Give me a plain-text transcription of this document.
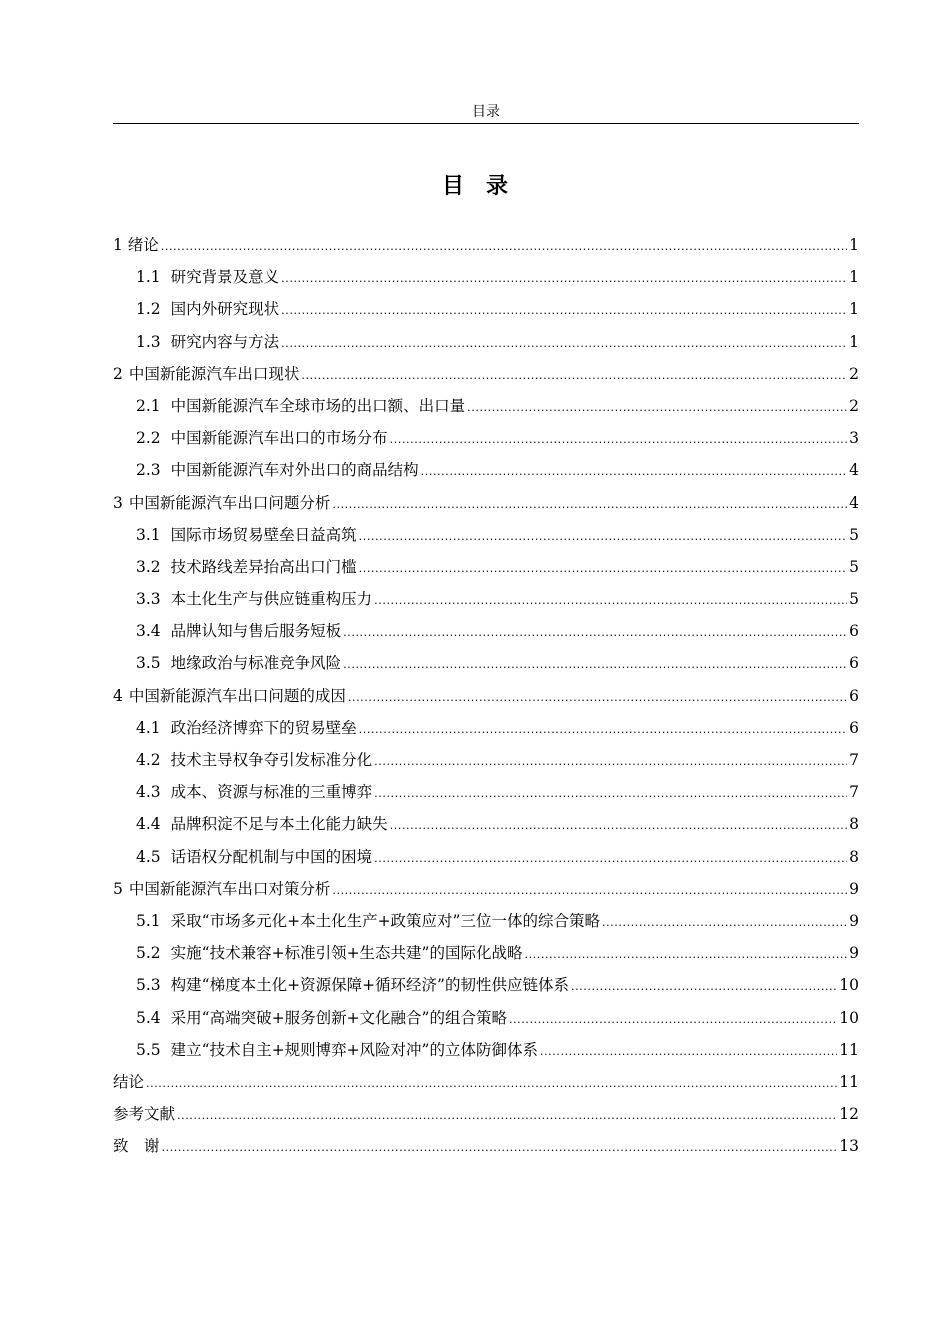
目录
目　录
1 绪论 .....	1
1.1 研究背景及意义 .....	1
1.2 国内外研究现状 .....	1
1.3 研究内容与方法 .....	1
2 中国新能源汽车出口现状 .....	2
2.1 中国新能源汽车全球市场的出口额、出口量 .....	2
2.2 中国新能源汽车出口的市场分布 .....	3
2.3 中国新能源汽车对外出口的商品结构 .....	4
3 中国新能源汽车出口问题分析 .....	4
3.1 国际市场贸易壁垒日益高筑 .....	5
3.2 技术路线差异抬高出口门槛 .....	5
3.3 本土化生产与供应链重构压力 .....	5
3.4 品牌认知与售后服务短板 .....	6
3.5 地缘政治与标准竞争风险 .....	6
4 中国新能源汽车出口问题的成因 .....	6
4.1 政治经济博弈下的贸易壁垒 .....	6
4.2 技术主导权争夺引发标准分化 .....	7
4.3 成本、资源与标准的三重博弈 .....	7
4.4 品牌积淀不足与本土化能力缺失 .....	8
4.5 话语权分配机制与中国的困境 .....	8
5 中国新能源汽车出口对策分析 .....	9
5.1 采取“市场多元化+本土化生产+政策应对”三位一体的综合策略 .....	9
5.2 实施“技术兼容+标准引领+生态共建”的国际化战略 .....	9
5.3 构建“梯度本土化+资源保障+循环经济”的韧性供应链体系 .....	10
5.4 采用“高端突破+服务创新+文化融合”的组合策略 .....	10
5.5 建立“技术自主+规则博弈+风险对冲”的立体防御体系 .....	11
结论 .....	11
参考文献 .....	12
致　谢 .....	13
